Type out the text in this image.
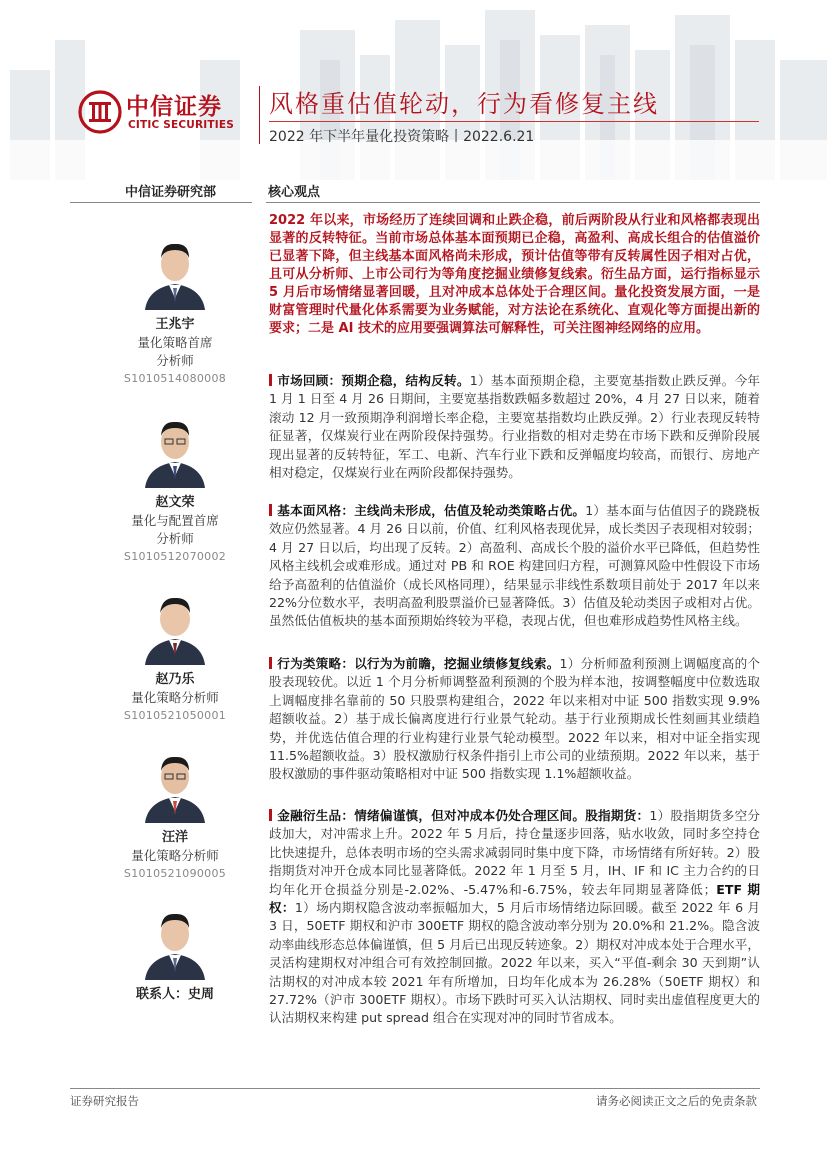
中信证券
CITIC SECURITIES
风格重估值轮动，行为看修复主线
2022 年下半年量化投资策略丨2022.6.21
中信证券研究部	核心观点
王兆宇
量化策略首席
分析师
S1010514080008
赵文荣
量化与配置首席
分析师
S1010512070002
赵乃乐
量化策略分析师
S1010521050001
汪洋
量化策略分析师
S1010521090005
联系人：史周
2022 年以来，市场经历了连续回调和止跌企稳，前后两阶段从行业和风格都表现出显著的反转特征。当前市场总体基本面预期已企稳，高盈利、高成长组合的估值溢价已显著下降，但主线基本面风格尚未形成，预计估值等带有反转属性因子相对占优，且可从分析师、上市公司行为等角度挖掘业绩修复线索。衍生品方面，运行指标显示 5 月后市场情绪显著回暖，且对冲成本总体处于合理区间。量化投资发展方面，一是财富管理时代量化体系需要为业务赋能，对方法论在系统化、直观化等方面提出新的要求；二是 AI 技术的应用要强调算法可解释性，可关注图神经网络的应用。
市场回顾：预期企稳，结构反转。1）基本面预期企稳，主要宽基指数止跌反弹。今年 1 月 1 日至 4 月 26 日期间，主要宽基指数跌幅多数超过 20%，4 月 27 日以来，随着滚动 12 月一致预期净利润增长率企稳，主要宽基指数均止跌反弹。2）行业表现反转特征显著，仅煤炭行业在两阶段保持强势。行业指数的相对走势在市场下跌和反弹阶段展现出显著的反转特征，军工、电新、汽车行业下跌和反弹幅度均较高，而银行、房地产相对稳定，仅煤炭行业在两阶段都保持强势。
基本面风格：主线尚未形成，估值及轮动类策略占优。1）基本面与估值因子的跷跷板效应仍然显著。4 月 26 日以前，价值、红利风格表现优异，成长类因子表现相对较弱；4 月 27 日以后，均出现了反转。2）高盈利、高成长个股的溢价水平已降低，但趋势性风格主线机会或难形成。通过对 PB 和 ROE 构建回归方程，可测算风险中性假设下市场给予高盈利的估值溢价（成长风格同理），结果显示非线性系数项目前处于 2017 年以来 22%分位数水平，表明高盈利股票溢价已显著降低。3）估值及轮动类因子或相对占优。虽然低估值板块的基本面预期始终较为平稳，表现占优，但也难形成趋势性风格主线。
行为类策略：以行为为前瞻，挖掘业绩修复线索。1）分析师盈利预测上调幅度高的个股表现较优。以近 1 个月分析师调整盈利预测的个股为样本池，按调整幅度中位数选取上调幅度排名靠前的 50 只股票构建组合，2022 年以来相对中证 500 指数实现 9.9%超额收益。2）基于成长偏离度进行行业景气轮动。基于行业预期成长性刻画其业绩趋势，并优选估值合理的行业构建行业景气轮动模型。2022 年以来，相对中证全指实现 11.5%超额收益。3）股权激励行权条件指引上市公司的业绩预期。2022 年以来，基于股权激励的事件驱动策略相对中证 500 指数实现 1.1%超额收益。
金融衍生品：情绪偏谨慎，但对冲成本仍处合理区间。股指期货：1）股指期货多空分歧加大，对冲需求上升。2022 年 5 月后，持仓量逐步回落，贴水收敛，同时多空持仓比快速提升，总体表明市场的空头需求减弱同时集中度下降，市场情绪有所好转。2）股指期货对冲开仓成本同比显著降低。2022 年 1 月至 5 月，IH、IF 和 IC 主力合约的日均年化开仓损益分别是-2.02%、-5.47%和-6.75%，较去年同期显著降低；ETF 期权：1）场内期权隐含波动率振幅加大，5 月后市场情绪边际回暖。截至 2022 年 6 月 3 日，50ETF 期权和沪市 300ETF 期权的隐含波动率分别为 20.0%和 21.2%。隐含波动率曲线形态总体偏谨慎，但 5 月后已出现反转迹象。2）期权对冲成本处于合理水平，灵活构建期权对冲组合可有效控制回撤。2022 年以来，买入“平值-剩余 30 天到期”认沽期权的对冲成本较 2021 年有所增加，日均年化成本为 26.28%（50ETF 期权）和 27.72%（沪市 300ETF 期权）。市场下跌时可买入认沽期权、同时卖出虚值程度更大的认沽期权来构建 put spread 组合在实现对冲的同时节省成本。
证券研究报告	请务必阅读正文之后的免责条款
